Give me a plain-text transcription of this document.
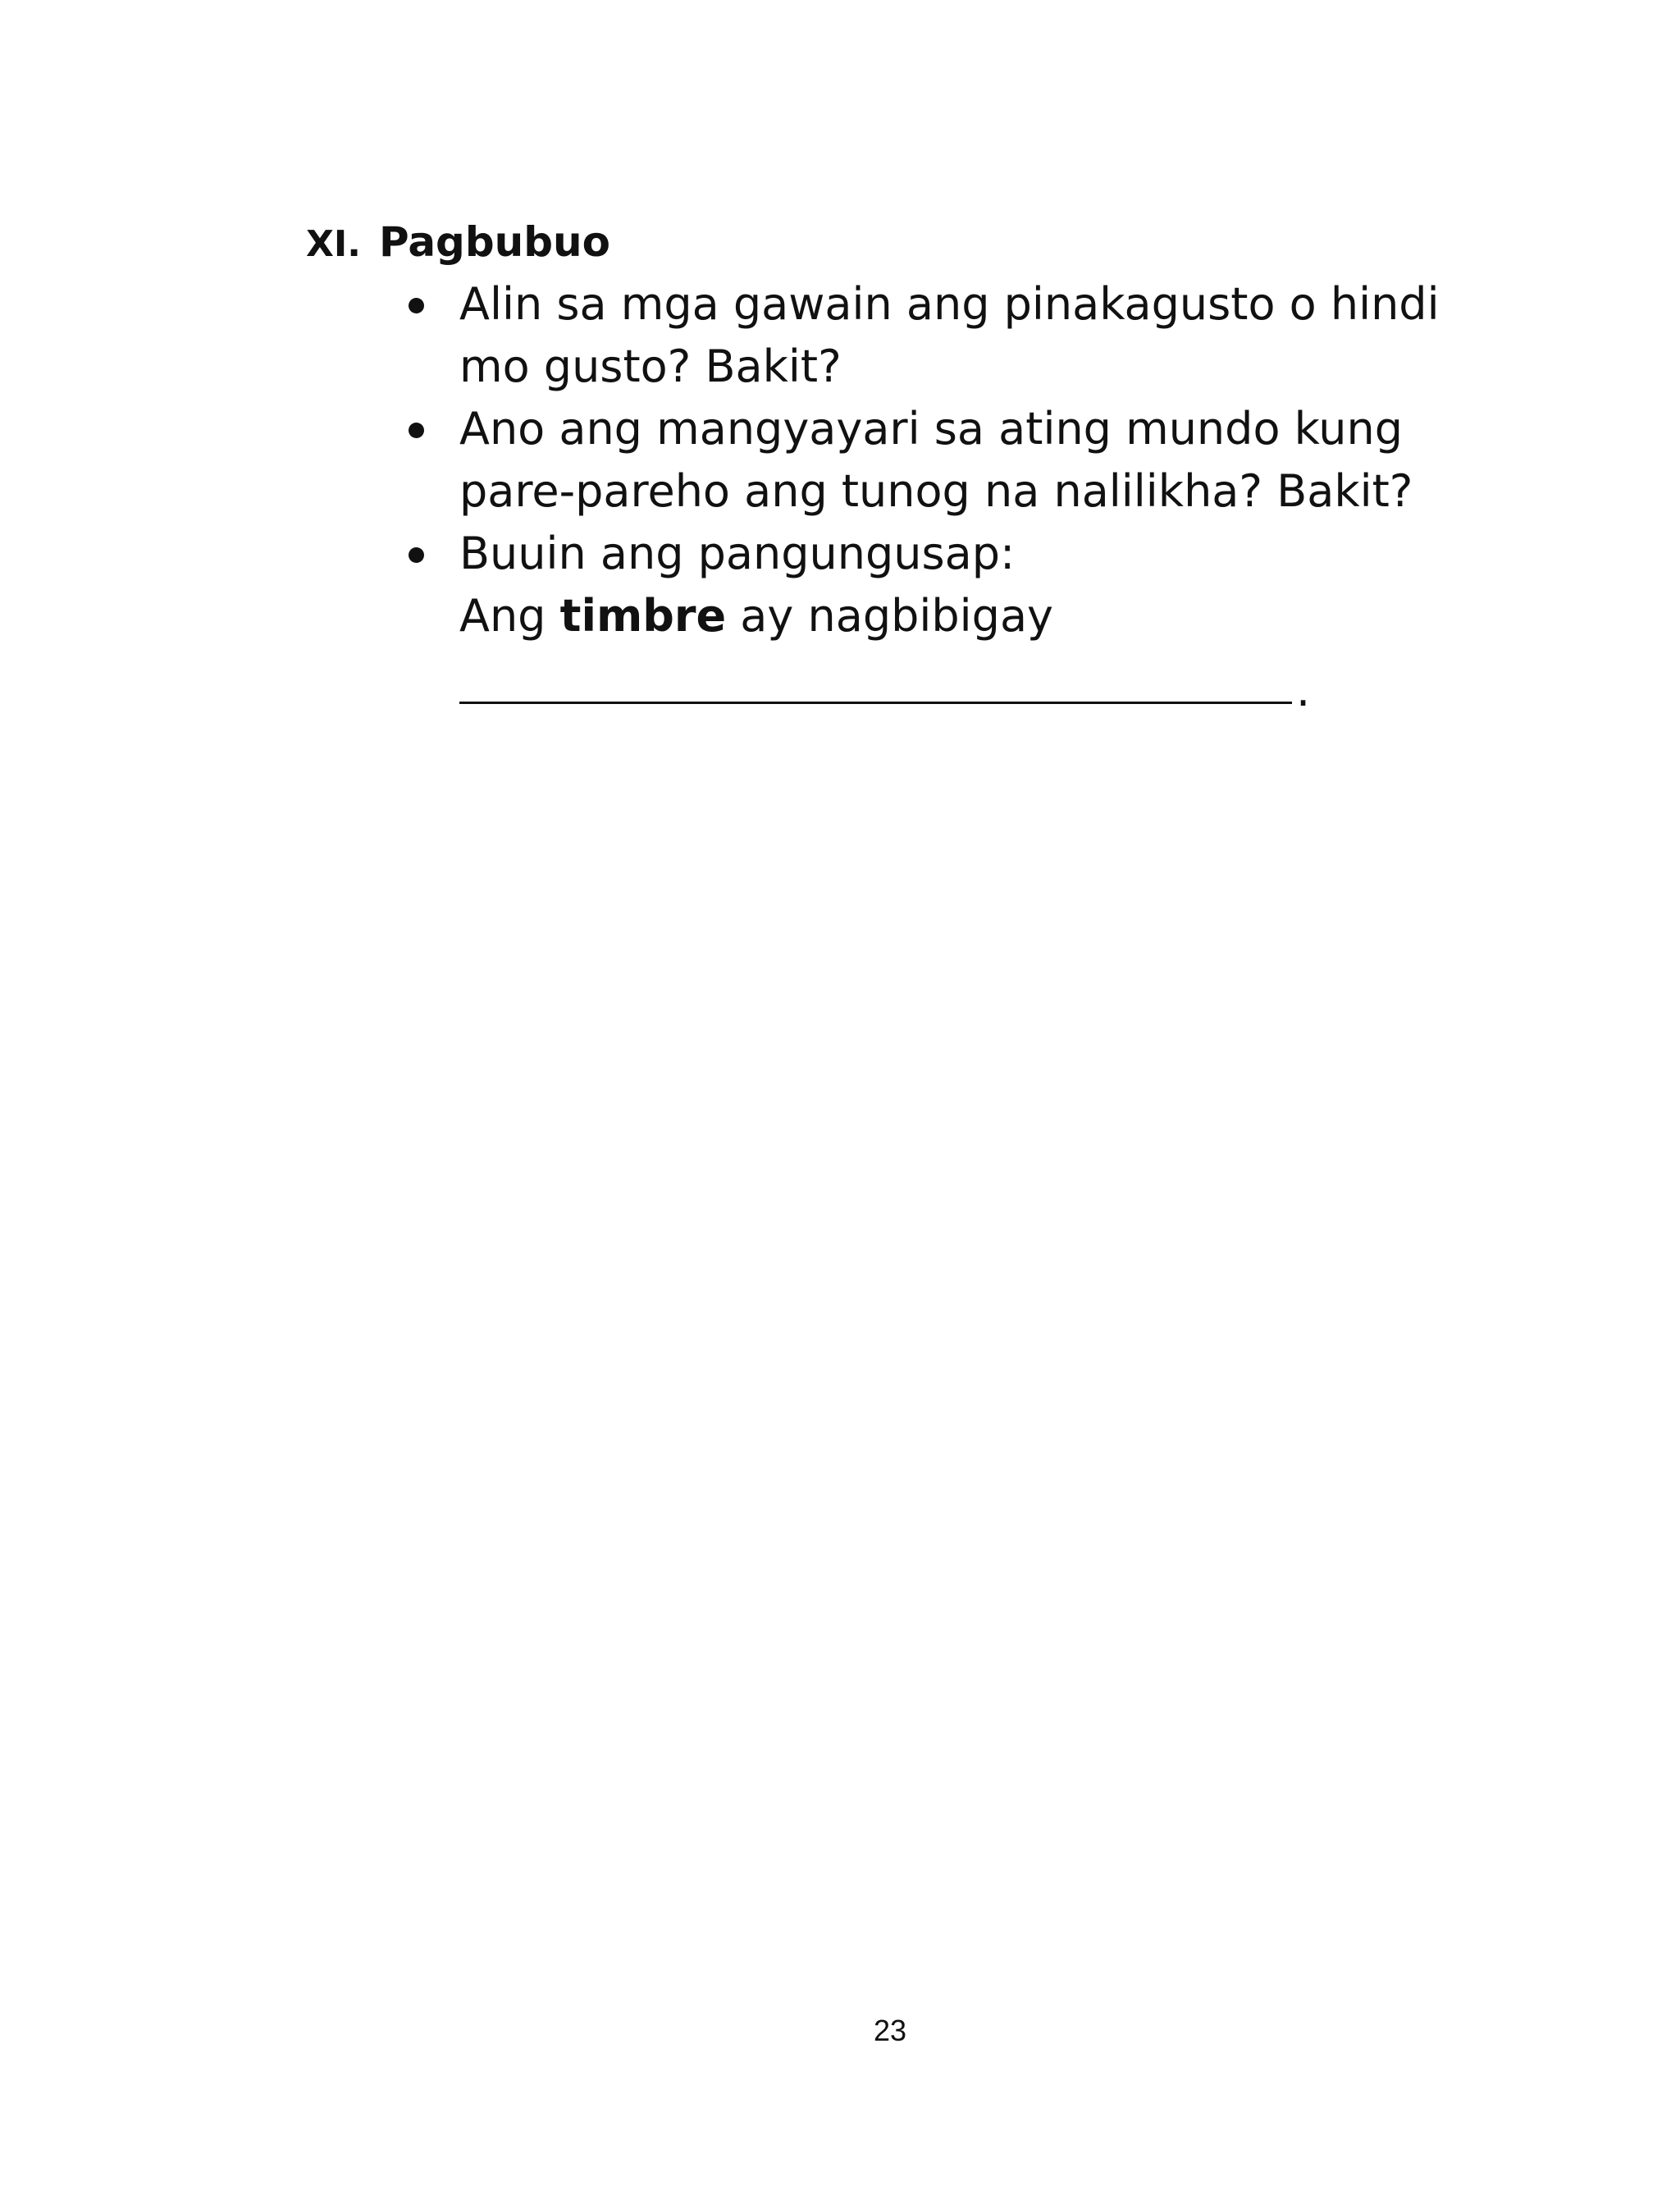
XI. Pagbubuo
Alin sa mga gawain ang pinakagusto o hindi
mo gusto? Bakit?
Ano ang mangyayari sa ating mundo kung
pare-pareho ang tunog na nalilikha? Bakit?
Buuin ang pangungusap:
Ang timbre ay nagbibigay
.
23
